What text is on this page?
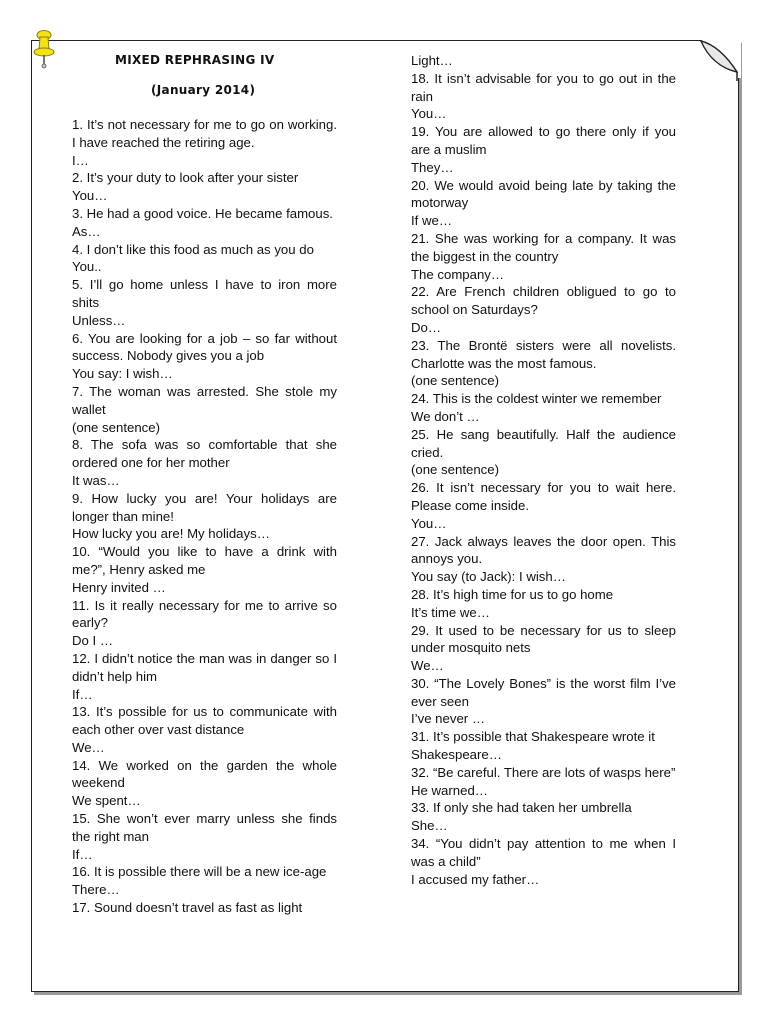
MIXED REPHRASING IV
(January 2014)

1. It’s not necessary for me to go on working. I have reached the retiring age.

I…

2. It’s your duty to look after your sister

You…

3. He had a good voice. He became famous.

As…

4. I don’t like this food as much as you do

You..

5. I’ll go home unless I have to iron more shits

Unless…

6. You are looking for a job – so far without success. Nobody gives you a job

You say: I wish…

7. The woman was arrested. She stole my wallet

(one sentence)

8. The sofa was so comfortable that she ordered one for her mother

It was…

9. How lucky you are! Your holidays are longer than mine!

How lucky you are! My holidays…

10. “Would you like to have a drink with me?”, Henry asked me

Henry invited …

11. Is it really necessary for me to arrive so early?

Do I …

12. I didn’t notice the man was in danger so I didn’t help him

If…

13. It’s possible for us to communicate with each other over vast distance

We…

14. We worked on the garden the whole weekend

We spent…

15. She won’t ever marry unless she finds the right man

If…

16. It is possible there will be a new ice-age

There…

17. Sound doesn’t travel as fast as light

Light…

18. It isn’t advisable for you to go out in the rain

You…

19. You are allowed to go there only if you are a muslim

They…

20. We would avoid being late by taking the motorway

If we…

21. She was working for a company. It was the biggest in the country

The company…

22. Are French children obligued to go to school on Saturdays?

Do…

23. The Brontë sisters were all novelists. Charlotte was the most famous.

(one sentence)

24. This is the coldest winter we remember

We don’t …

25. He sang beautifully. Half the audience cried.

(one sentence)

26. It isn’t necessary for you to wait here. Please come inside.

You…

27. Jack always leaves the door open. This annoys you.

You say (to Jack): I wish…

28. It’s high time for us to go home

It’s time we…

29. It used to be necessary for us to sleep under mosquito nets

We…

30. “The Lovely Bones” is the worst film I’ve ever seen

I’ve never …

31. It’s possible that Shakespeare wrote it

Shakespeare…

32. “Be careful. There are lots of wasps here”

He warned…

33. If only she had taken her umbrella

She…

34. “You didn’t pay attention to me when I was a child”

I accused my father…
